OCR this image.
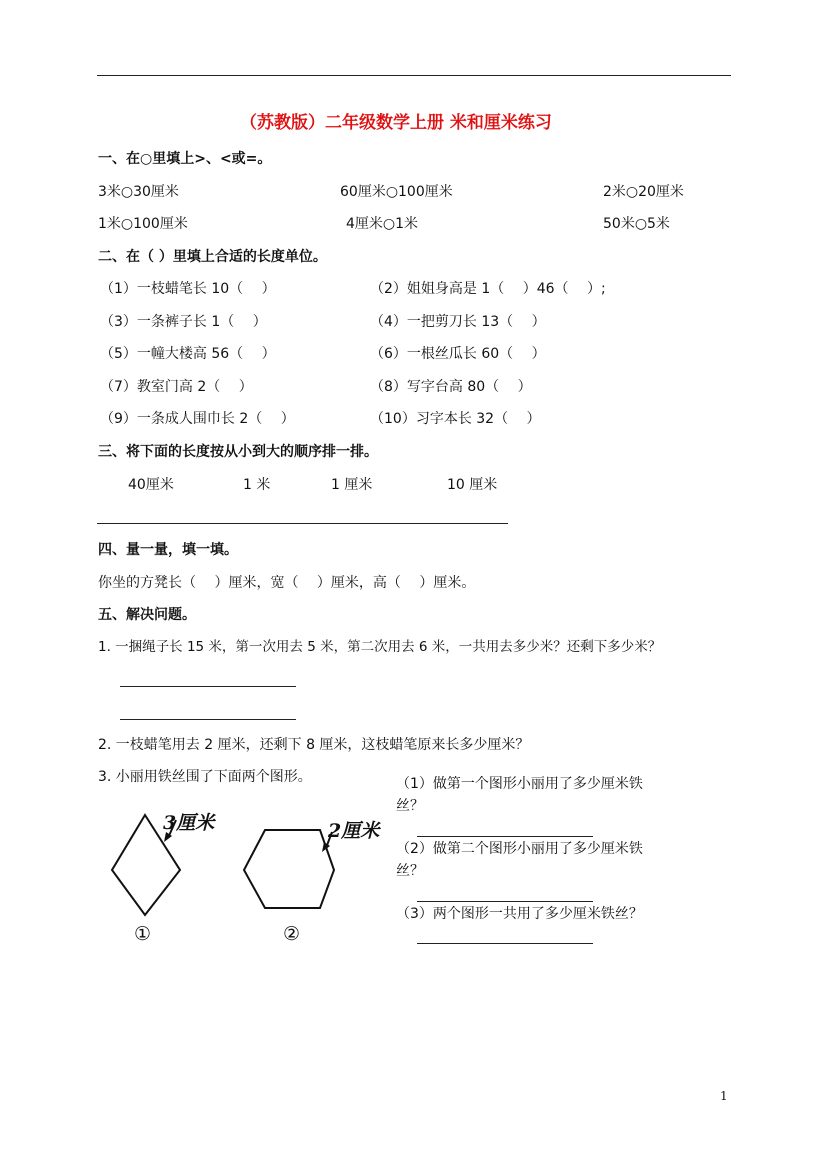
（苏教版）二年级数学上册 米和厘米练习
一、在○里填上>、<或=。
3米○30厘米	60厘米○100厘米	2米○20厘米
1米○100厘米	4厘米○1米	50米○5米
二、在（ ）里填上合适的长度单位。
（1）一枝蜡笔长 10（　 ）	（2）姐姐身高是 1（　 ）46（　 ）;
（3）一条裤子长 1（　 ）	（4）一把剪刀长 13（　 ）
（5）一幢大楼高 56（　 ）	（6）一根丝瓜长 60（　 ）
（7）教室门高 2（　 ）	（8）写字台高 80（　 ）
（9）一条成人围巾长 2（　 ）	（10）习字本长 32（　 ）
三、将下面的长度按从小到大的顺序排一排。
40厘米	1 米	1 厘米	10 厘米
四、量一量，填一填。
你坐的方凳长（　 ）厘米，宽（　 ）厘米，高（　 ）厘米。
五、解决问题。
1. 一捆绳子长 15 米，第一次用去 5 米，第二次用去 6 米，一共用去多少米？还剩下多少米？
2. 一枝蜡笔用去 2 厘米，还剩下 8 厘米，这枝蜡笔原来长多少厘米？
3. 小丽用铁丝围了下面两个图形。
3厘米	2厘米
①	②
（1）做第一个图形小丽用了多少厘米铁丝？
（2）做第二个图形小丽用了多少厘米铁丝？
（3）两个图形一共用了多少厘米铁丝？
1
